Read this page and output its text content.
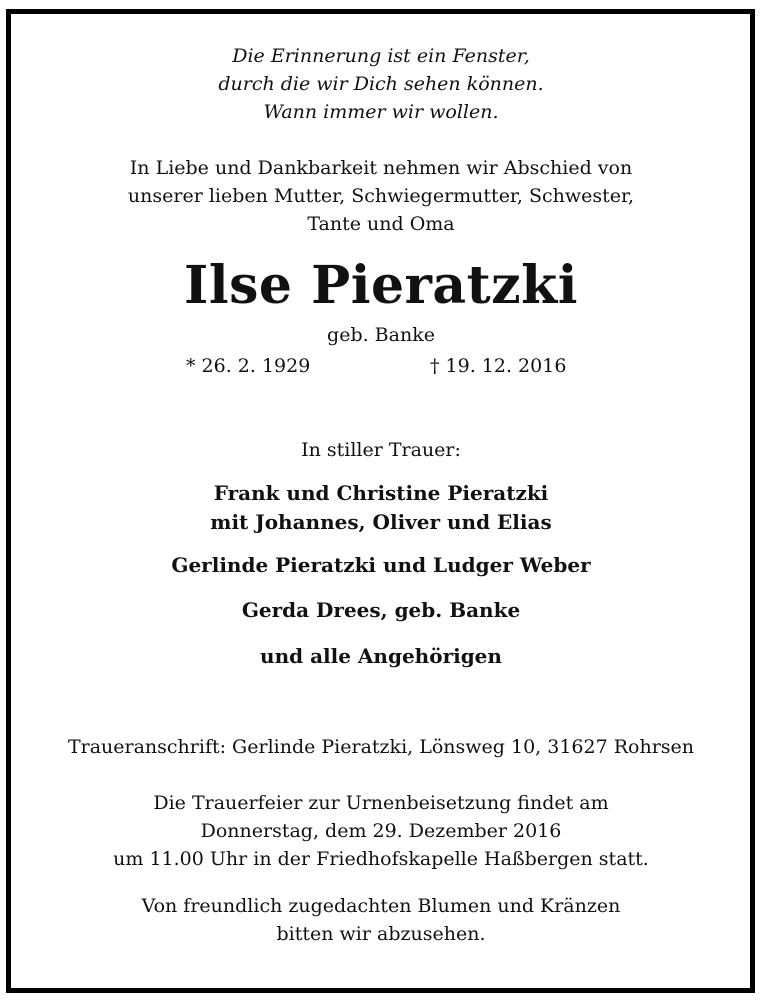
Die Erinnerung ist ein Fenster,
durch die wir Dich sehen können.
Wann immer wir wollen.
In Liebe und Dankbarkeit nehmen wir Abschied von
unserer lieben Mutter, Schwiegermutter, Schwester,
Tante und Oma
Ilse Pieratzki
geb. Banke
* 26. 2. 1929	† 19. 12. 2016
In stiller Trauer:
Frank und Christine Pieratzki
mit Johannes, Oliver und Elias
Gerlinde Pieratzki und Ludger Weber
Gerda Drees, geb. Banke
und alle Angehörigen
Traueranschrift: Gerlinde Pieratzki, Lönsweg 10, 31627 Rohrsen
Die Trauerfeier zur Urnenbeisetzung findet am
Donnerstag, dem 29. Dezember 2016
um 11.00 Uhr in der Friedhofskapelle Haßbergen statt.
Von freundlich zugedachten Blumen und Kränzen
bitten wir abzusehen.
